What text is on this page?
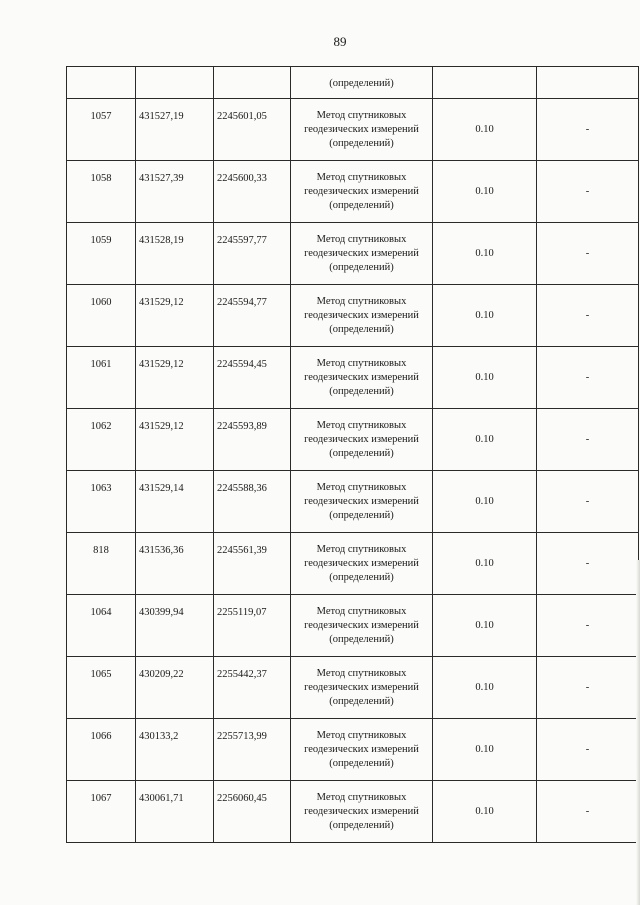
89

			(определений)		

1057	431527,19	2245601,05	Метод спутниковых
геодезических измерений
(определений)	0.10	-

1058	431527,39	2245600,33	Метод спутниковых
геодезических измерений
(определений)	0.10	-

1059	431528,19	2245597,77	Метод спутниковых
геодезических измерений
(определений)	0.10	-

1060	431529,12	2245594,77	Метод спутниковых
геодезических измерений
(определений)	0.10	-

1061	431529,12	2245594,45	Метод спутниковых
геодезических измерений
(определений)	0.10	-

1062	431529,12	2245593,89	Метод спутниковых
геодезических измерений
(определений)	0.10	-

1063	431529,14	2245588,36	Метод спутниковых
геодезических измерений
(определений)	0.10	-

818	431536,36	2245561,39	Метод спутниковых
геодезических измерений
(определений)	0.10	-

1064	430399,94	2255119,07	Метод спутниковых
геодезических измерений
(определений)	0.10	-

1065	430209,22	2255442,37	Метод спутниковых
геодезических измерений
(определений)	0.10	-

1066	430133,2	2255713,99	Метод спутниковых
геодезических измерений
(определений)	0.10	-

1067	430061,71	2256060,45	Метод спутниковых
геодезических измерений
(определений)	0.10	-
